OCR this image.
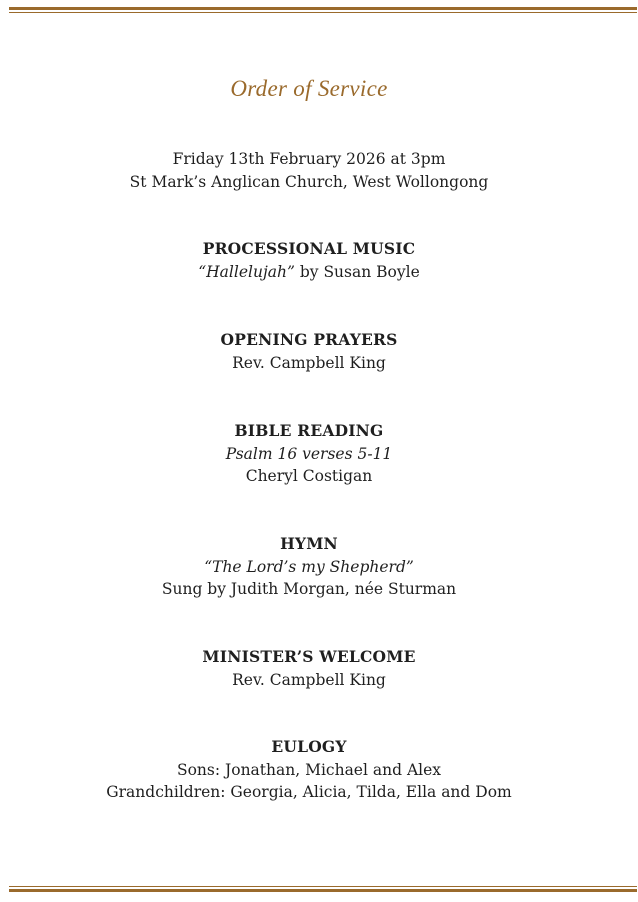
Order of Service
Friday 13th February 2026 at 3pm
St Mark’s Anglican Church, West Wollongong
PROCESSIONAL MUSIC
“Hallelujah” by Susan Boyle
OPENING PRAYERS
Rev. Campbell King
BIBLE READING
Psalm 16 verses 5-11
Cheryl Costigan
HYMN
“The Lord’s my Shepherd”
Sung by Judith Morgan, née Sturman
MINISTER’S WELCOME
Rev. Campbell King
EULOGY
Sons: Jonathan, Michael and Alex
Grandchildren: Georgia, Alicia, Tilda, Ella and Dom
